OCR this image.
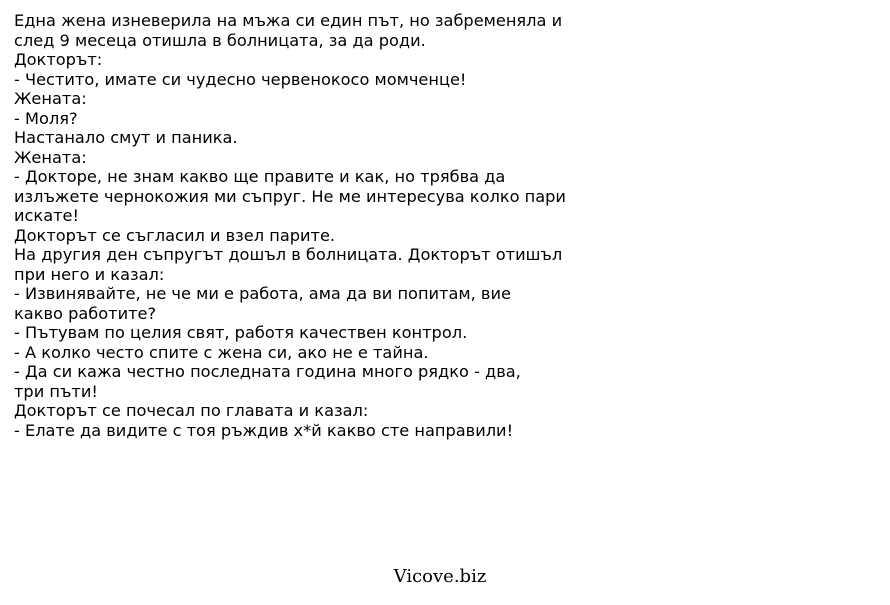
Една жена изневерила на мъжа си един път, но забременяла и
след 9 месеца отишла в болницата, за да роди.
Докторът:
- Честито, имате си чудесно червенокосо момченце!
Жената:
- Моля?
Настанало смут и паника.
Жената:
- Докторе, не знам какво ще правите и как, но трябва да
излъжете чернокожия ми съпруг. Не ме интересува колко пари
искате!
Докторът се съгласил и взел парите.
На другия ден съпругът дошъл в болницата. Докторът отишъл
при него и казал:
- Извинявайте, не че ми е работа, ама да ви попитам, вие
какво работите?
- Пътувам по целия свят, работя качествен контрол.
- А колко често спите с жена си, ако не е тайна.
- Да си кажа честно последната година много рядко - два,
три пъти!
Докторът се почесал по главата и казал:
- Елате да видите с тоя ръждив х*й какво сте направили!
Vicove.biz
